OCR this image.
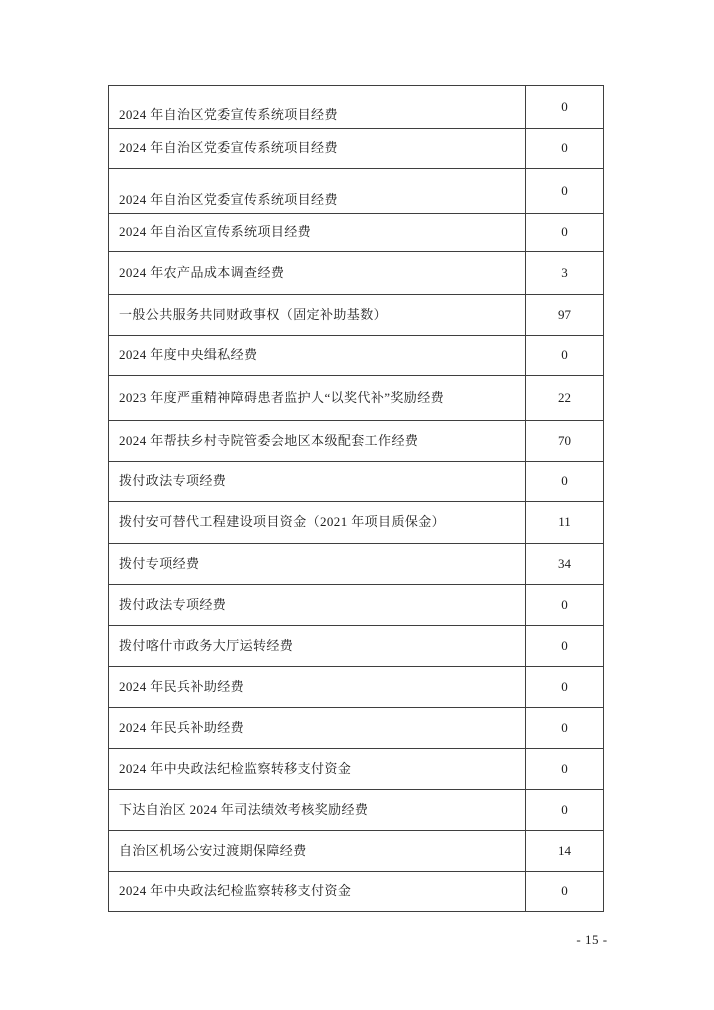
2024 年自治区党委宣传系统项目经费	0
2024 年自治区党委宣传系统项目经费	0
2024 年自治区党委宣传系统项目经费	0
2024 年自治区宣传系统项目经费	0
2024 年农产品成本调查经费	3
一般公共服务共同财政事权（固定补助基数）	97
2024 年度中央缉私经费	0
2023 年度严重精神障碍患者监护人“以奖代补”奖励经费	22
2024 年帮扶乡村寺院管委会地区本级配套工作经费	70
拨付政法专项经费	0
拨付安可替代工程建设项目资金（2021 年项目质保金）	11
拨付专项经费	34
拨付政法专项经费	0
拨付喀什市政务大厅运转经费	0
2024 年民兵补助经费	0
2024 年民兵补助经费	0
2024 年中央政法纪检监察转移支付资金	0
下达自治区 2024 年司法绩效考核奖励经费	0
自治区机场公安过渡期保障经费	14
2024 年中央政法纪检监察转移支付资金	0
- 15 -
